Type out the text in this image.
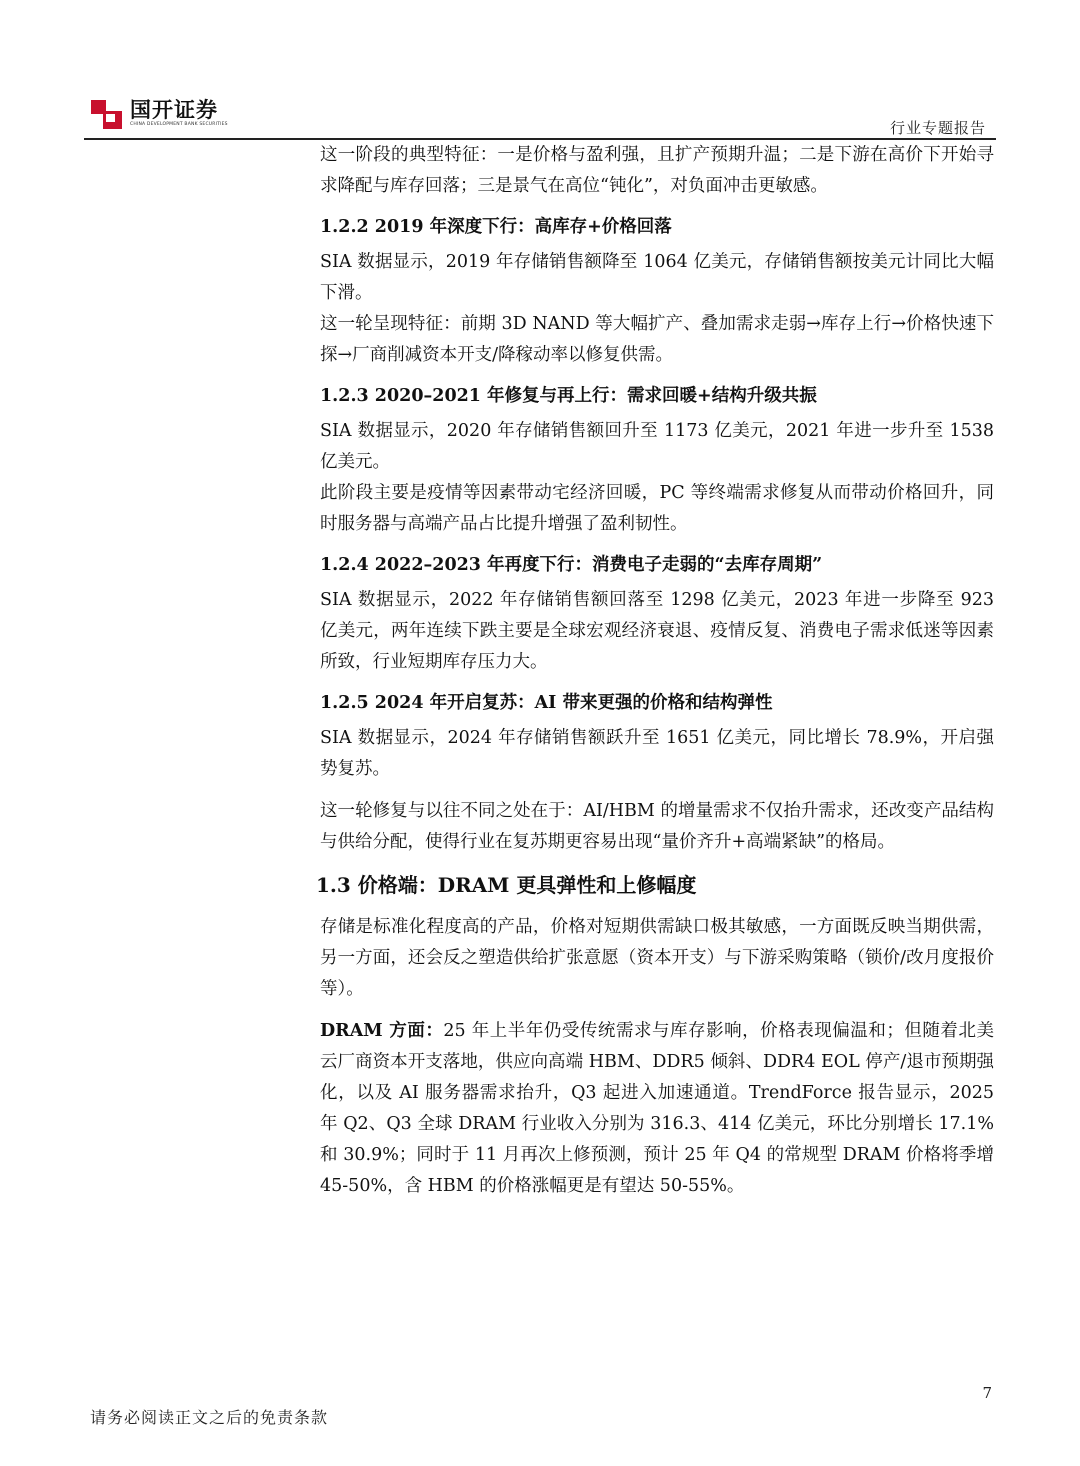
国开证券
CHINA DEVELOPMENT BANK SECURITIES	行业专题报告

这一阶段的典型特征：一是价格与盈利强，且扩产预期升温；二是下游在高价下开始寻求降配与库存回落；三是景气在高位“钝化”，对负面冲击更敏感。

1.2.2 2019 年深度下行：高库存+价格回落

SIA 数据显示，2019 年存储销售额降至 1064 亿美元，存储销售额按美元计同比大幅下滑。

这一轮呈现特征：前期 3D NAND 等大幅扩产、叠加需求走弱→库存上行→价格快速下探→厂商削减资本开支/降稼动率以修复供需。

1.2.3 2020–2021 年修复与再上行：需求回暖+结构升级共振

SIA 数据显示，2020 年存储销售额回升至 1173 亿美元，2021 年进一步升至 1538 亿美元。

此阶段主要是疫情等因素带动宅经济回暖，PC 等终端需求修复从而带动价格回升，同时服务器与高端产品占比提升增强了盈利韧性。

1.2.4 2022–2023 年再度下行：消费电子走弱的“去库存周期”

SIA 数据显示，2022 年存储销售额回落至 1298 亿美元，2023 年进一步降至 923 亿美元，两年连续下跌主要是全球宏观经济衰退、疫情反复、消费电子需求低迷等因素所致，行业短期库存压力大。

1.2.5 2024 年开启复苏：AI 带来更强的价格和结构弹性

SIA 数据显示，2024 年存储销售额跃升至 1651 亿美元，同比增长 78.9%，开启强势复苏。

这一轮修复与以往不同之处在于：AI/HBM 的增量需求不仅抬升需求，还改变产品结构与供给分配，使得行业在复苏期更容易出现“量价齐升+高端紧缺”的格局。

1.3 价格端：DRAM 更具弹性和上修幅度

存储是标准化程度高的产品，价格对短期供需缺口极其敏感，一方面既反映当期供需，另一方面，还会反之塑造供给扩张意愿（资本开支）与下游采购策略（锁价/改月度报价等）。

DRAM 方面：25 年上半年仍受传统需求与库存影响，价格表现偏温和；但随着北美云厂商资本开支落地，供应向高端 HBM、DDR5 倾斜、DDR4 EOL 停产/退市预期强化，以及 AI 服务器需求抬升，Q3 起进入加速通道。TrendForce 报告显示，2025 年 Q2、Q3 全球 DRAM 行业收入分别为 316.3、414 亿美元，环比分别增长 17.1%和 30.9%；同时于 11 月再次上修预测，预计 25 年 Q4 的常规型 DRAM 价格将季增 45-50%，含 HBM 的价格涨幅更是有望达 50-55%。

7
请务必阅读正文之后的免责条款
